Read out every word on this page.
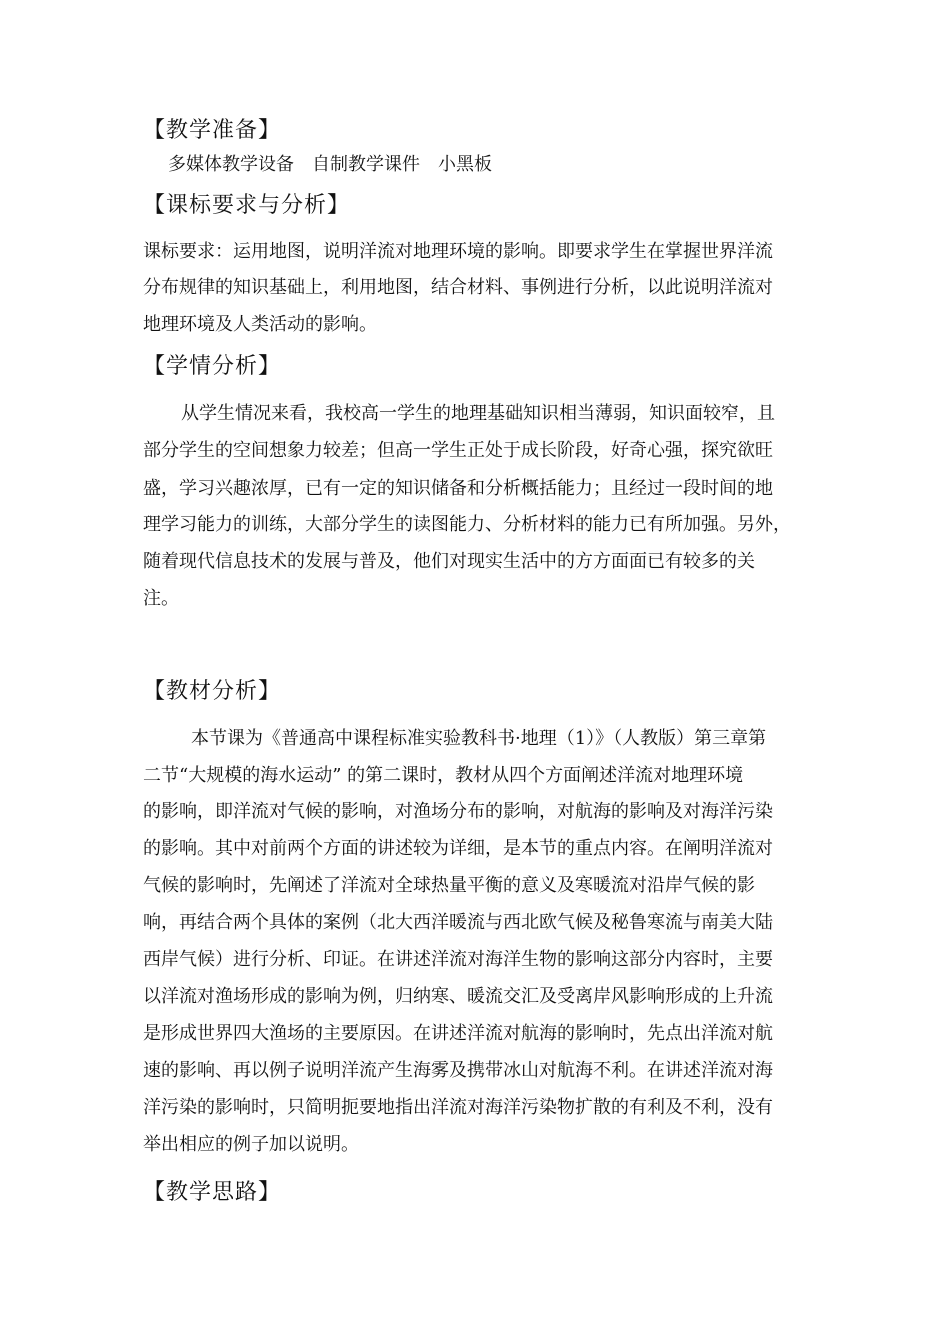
【教学准备】
多媒体教学设备 自制教学课件 小黑板
【课标要求与分析】
课标要求：运用地图，说明洋流对地理环境的影响。即要求学生在掌握世界洋流
分布规律的知识基础上，利用地图，结合材料、事例进行分析，以此说明洋流对
地理环境及人类活动的影响。
【学情分析】
从学生情况来看，我校高一学生的地理基础知识相当薄弱，知识面较窄，且
部分学生的空间想象力较差；但高一学生正处于成长阶段，好奇心强，探究欲旺
盛，学习兴趣浓厚，已有一定的知识储备和分析概括能力；且经过一段时间的地
理学习能力的训练，大部分学生的读图能力、分析材料的能力已有所加强。另外，
随着现代信息技术的发展与普及，他们对现实生活中的方方面面已有较多的关
注。
【教材分析】
本节课为《普通高中课程标准实验教科书·地理（1）》（人教版）第三章第
二节“大规模的海水运动” 的第二课时，教材从四个方面阐述洋流对地理环境
的影响，即洋流对气候的影响，对渔场分布的影响，对航海的影响及对海洋污染
的影响。其中对前两个方面的讲述较为详细，是本节的重点内容。在阐明洋流对
气候的影响时，先阐述了洋流对全球热量平衡的意义及寒暖流对沿岸气候的影
响，再结合两个具体的案例（北大西洋暖流与西北欧气候及秘鲁寒流与南美大陆
西岸气候）进行分析、印证。在讲述洋流对海洋生物的影响这部分内容时，主要
以洋流对渔场形成的影响为例，归纳寒、暖流交汇及受离岸风影响形成的上升流
是形成世界四大渔场的主要原因。在讲述洋流对航海的影响时，先点出洋流对航
速的影响、再以例子说明洋流产生海雾及携带冰山对航海不利。在讲述洋流对海
洋污染的影响时，只简明扼要地指出洋流对海洋污染物扩散的有利及不利，没有
举出相应的例子加以说明。
【教学思路】
